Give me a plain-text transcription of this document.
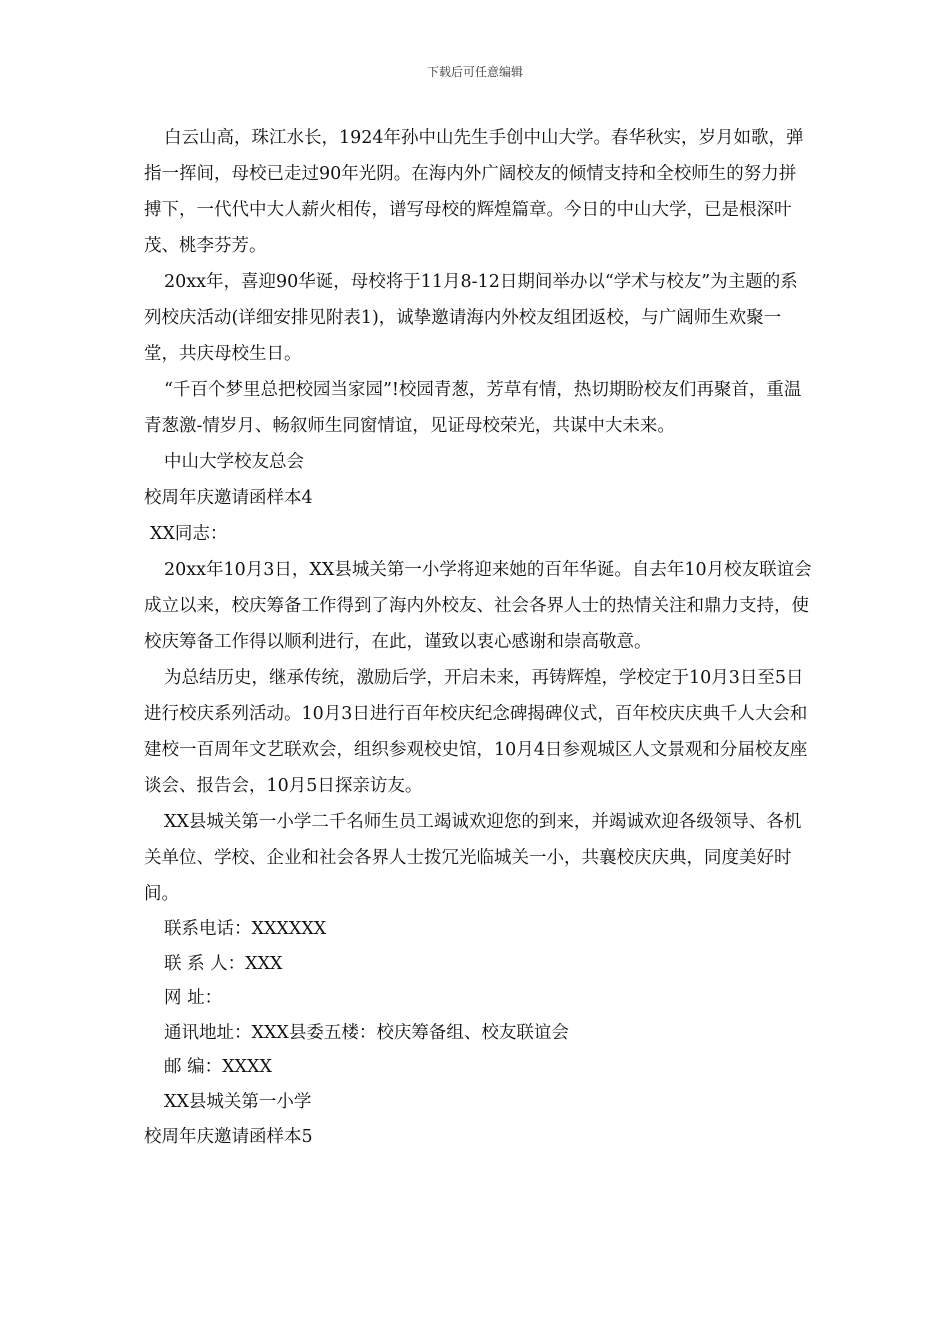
下载后可任意编辑

白云山高，珠江水长，1924年孙中山先生手创中山大学。春华秋实，岁月如歌，弹指一挥间，母校已走过90年光阴。在海内外广阔校友的倾情支持和全校师生的努力拼搏下，一代代中大人薪火相传，谱写母校的辉煌篇章。今日的中山大学，已是根深叶茂、桃李芬芳。

20xx年，喜迎90华诞，母校将于11月8-12日期间举办以“学术与校友”为主题的系列校庆活动(详细安排见附表1)，诚挚邀请海内外校友组团返校，与广阔师生欢聚一堂，共庆母校生日。

“千百个梦里总把校园当家园”!校园青葱，芳草有情，热切期盼校友们再聚首，重温青葱激-情岁月、畅叙师生同窗情谊，见证母校荣光，共谋中大未来。

中山大学校友总会

校周年庆邀请函样本4

XX同志：

20xx年10月3日，XX县城关第一小学将迎来她的百年华诞。自去年10月校友联谊会成立以来，校庆筹备工作得到了海内外校友、社会各界人士的热情关注和鼎力支持，使校庆筹备工作得以顺利进行，在此，谨致以衷心感谢和崇高敬意。

为总结历史，继承传统，激励后学，开启未来，再铸辉煌，学校定于10月3日至5日进行校庆系列活动。10月3日进行百年校庆纪念碑揭碑仪式，百年校庆庆典千人大会和建校一百周年文艺联欢会，组织参观校史馆，10月4日参观城区人文景观和分届校友座谈会、报告会，10月5日探亲访友。

XX县城关第一小学二千名师生员工竭诚欢迎您的到来，并竭诚欢迎各级领导、各机关单位、学校、企业和社会各界人士拨冗光临城关一小，共襄校庆庆典，同度美好时间。

联系电话：XXXXXX

联 系 人：XXX

网 址：

通讯地址：XXX县委五楼：校庆筹备组、校友联谊会

邮 编：XXXX

XX县城关第一小学

校周年庆邀请函样本5
